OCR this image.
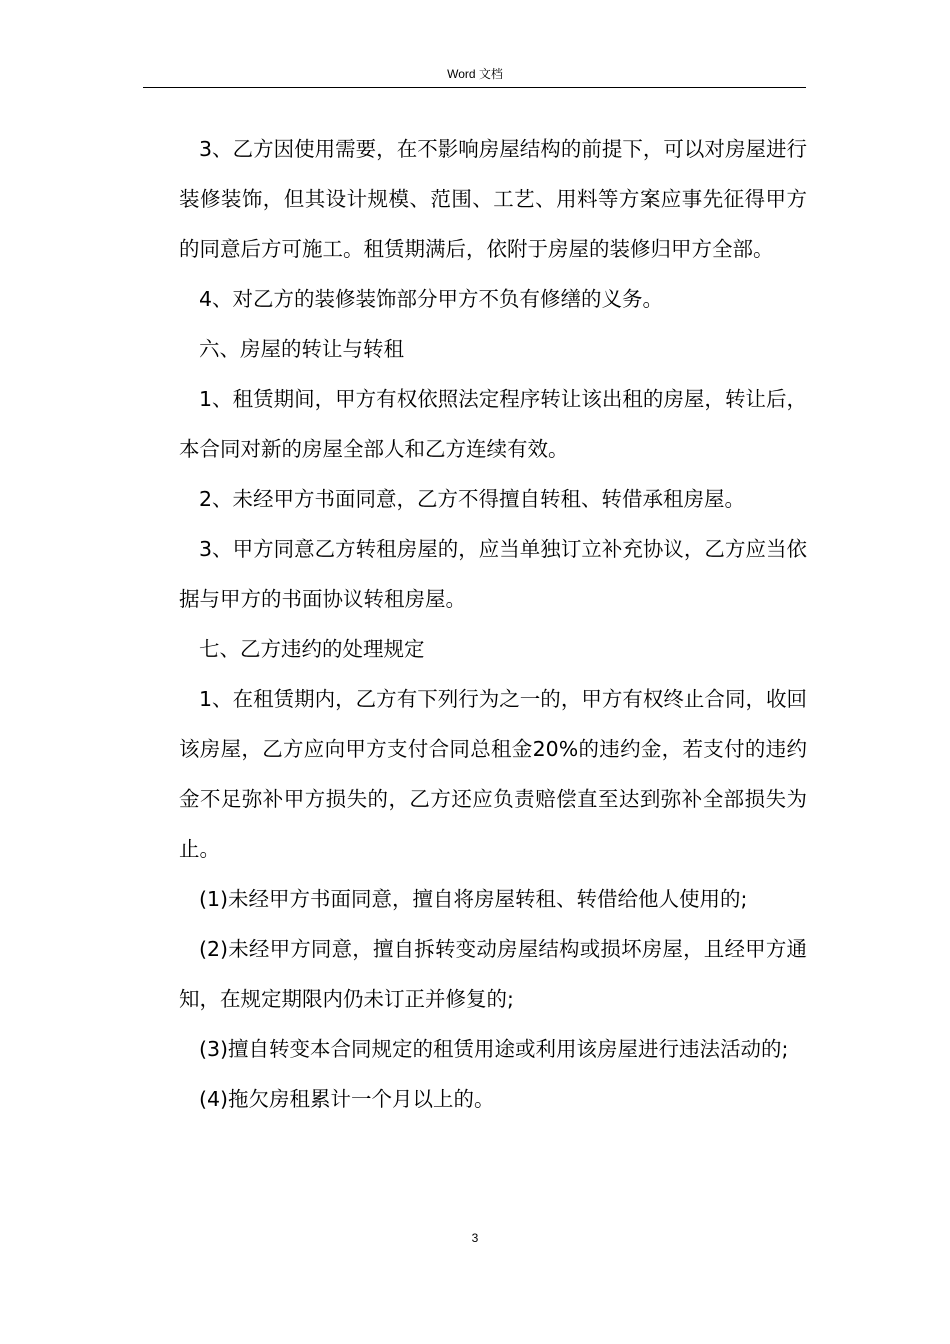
Word 文档

3、乙方因使用需要，在不影响房屋结构的前提下，可以对房屋进行装修装饰，但其设计规模、范围、工艺、用料等方案应事先征得甲方的同意后方可施工。租赁期满后，依附于房屋的装修归甲方全部。

4、对乙方的装修装饰部分甲方不负有修缮的义务。

六、房屋的转让与转租

1、租赁期间，甲方有权依照法定程序转让该出租的房屋，转让后，本合同对新的房屋全部人和乙方连续有效。

2、未经甲方书面同意，乙方不得擅自转租、转借承租房屋。

3、甲方同意乙方转租房屋的，应当单独订立补充协议，乙方应当依据与甲方的书面协议转租房屋。

七、乙方违约的处理规定

1、在租赁期内，乙方有下列行为之一的，甲方有权终止合同，收回该房屋，乙方应向甲方支付合同总租金20%的违约金，若支付的违约金不足弥补甲方损失的，乙方还应负责赔偿直至达到弥补全部损失为止。

(1)未经甲方书面同意，擅自将房屋转租、转借给他人使用的;

(2)未经甲方同意，擅自拆转变动房屋结构或损坏房屋，且经甲方通知，在规定期限内仍未订正并修复的;

(3)擅自转变本合同规定的租赁用途或利用该房屋进行违法活动的;

(4)拖欠房租累计一个月以上的。

3
